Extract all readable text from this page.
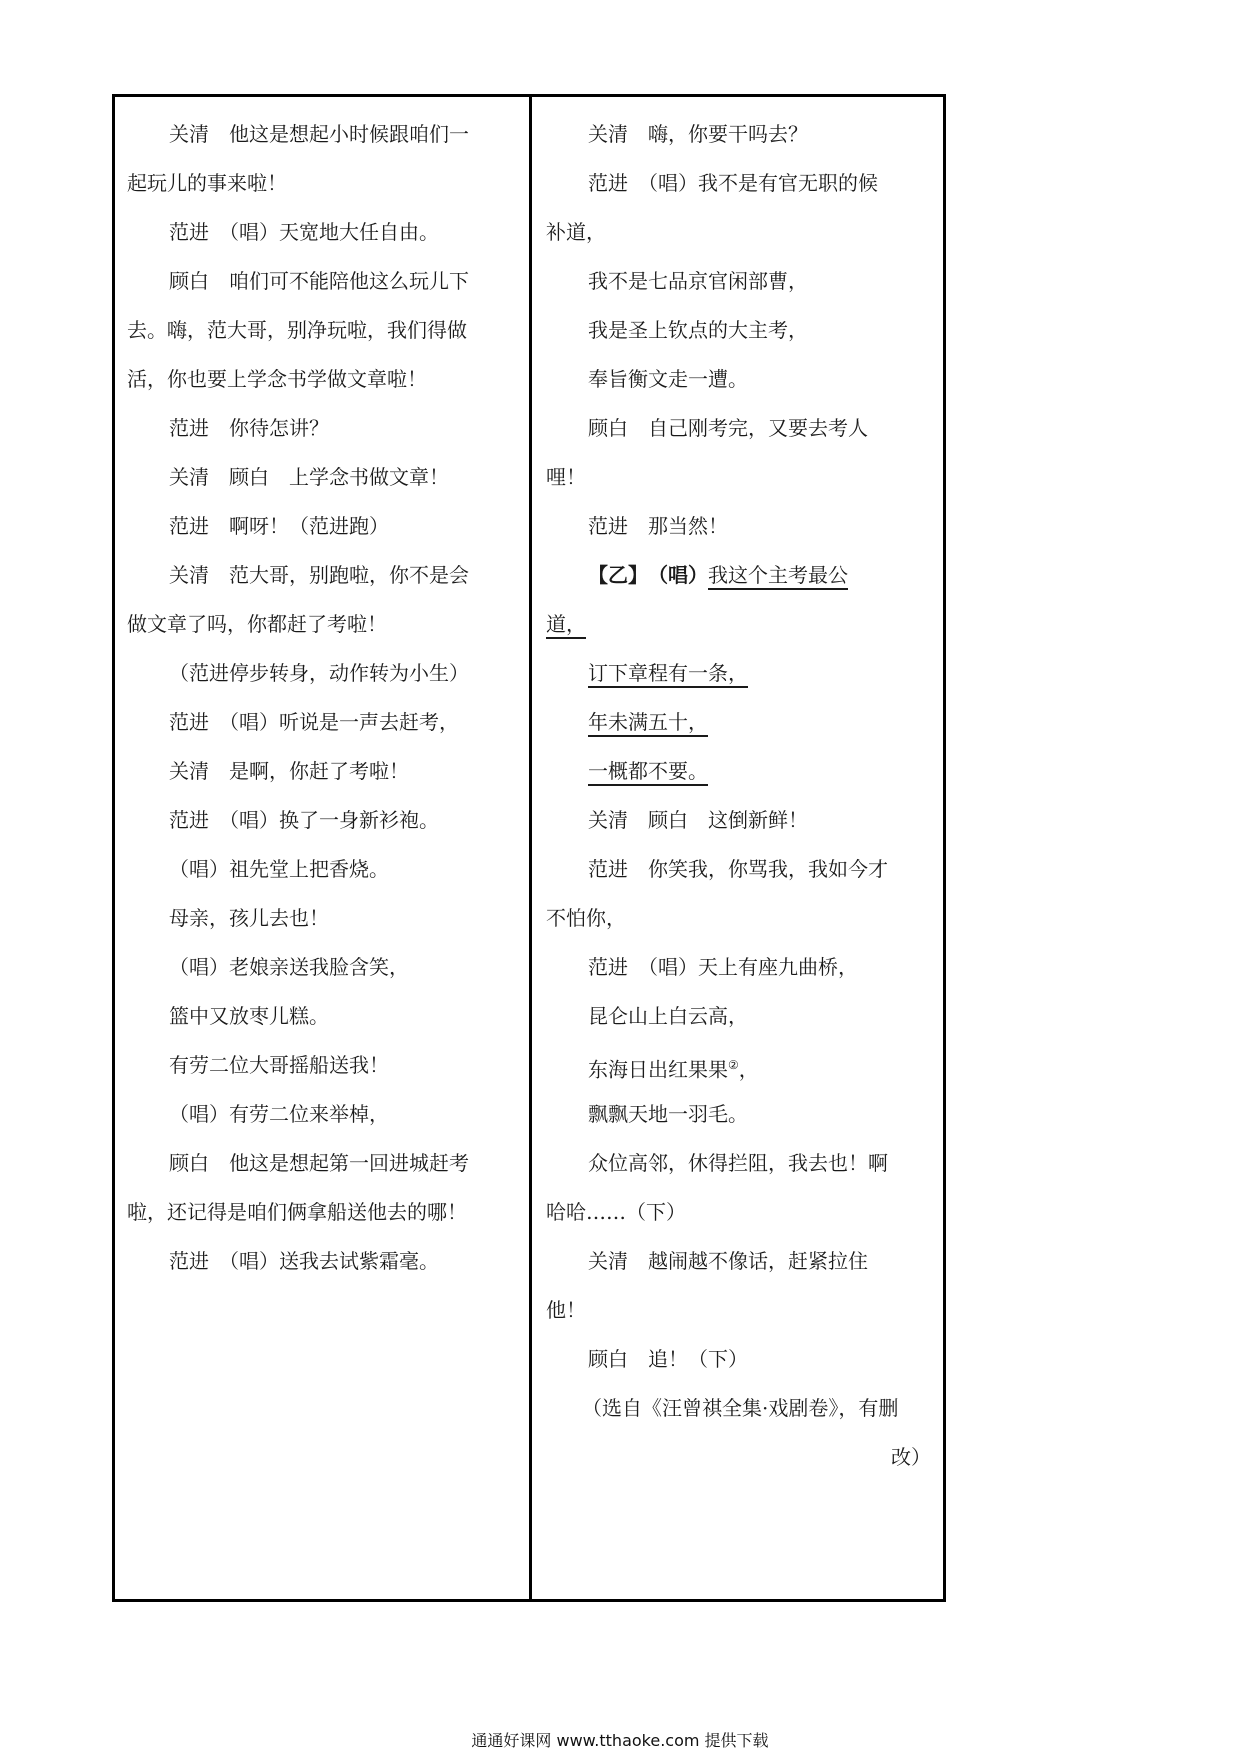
关清　他这是想起小时候跟咱们一
起玩儿的事来啦！
范进　（唱）天宽地大任自由。
顾白　咱们可不能陪他这么玩儿下
去。嗨，范大哥，别净玩啦，我们得做
活，你也要上学念书学做文章啦！
范进　你待怎讲？
关清　顾白　上学念书做文章！
范进　啊呀！（范进跑）
关清　范大哥，别跑啦，你不是会
做文章了吗，你都赶了考啦！
（范进停步转身，动作转为小生）
范进　（唱）听说是一声去赶考，
关清　是啊，你赶了考啦！
范进　（唱）换了一身新衫袍。
（唱）祖先堂上把香烧。
母亲，孩儿去也！
（唱）老娘亲送我脸含笑，
篮中又放枣儿糕。
有劳二位大哥摇船送我！
（唱）有劳二位来举棹，
顾白　他这是想起第一回进城赶考
啦，还记得是咱们俩拿船送他去的哪！
范进　（唱）送我去试紫霜毫。
关清　嗨，你要干吗去？
范进　（唱）我不是有官无职的候
补道，
我不是七品京官闲部曹，
我是圣上钦点的大主考，
奉旨衡文走一遭。
顾白　自己刚考完，又要去考人
哩！
范进　那当然！
【乙】　（唱）我这个主考最公
道，
订下章程有一条，
年未满五十，
一概都不要。
关清　顾白　这倒新鲜！
范进　你笑我，你骂我，我如今才
不怕你，
范进　（唱）天上有座九曲桥，
昆仑山上白云高，
东海日出红果果②，
飘飘天地一羽毛。
众位高邻，休得拦阻，我去也！啊
哈哈……（下）
关清　越闹越不像话，赶紧拉住
他！
顾白　追！（下）
（选自《汪曾祺全集·戏剧卷》，有删
改）
通通好课网 www.tthaoke.com 提供下载
